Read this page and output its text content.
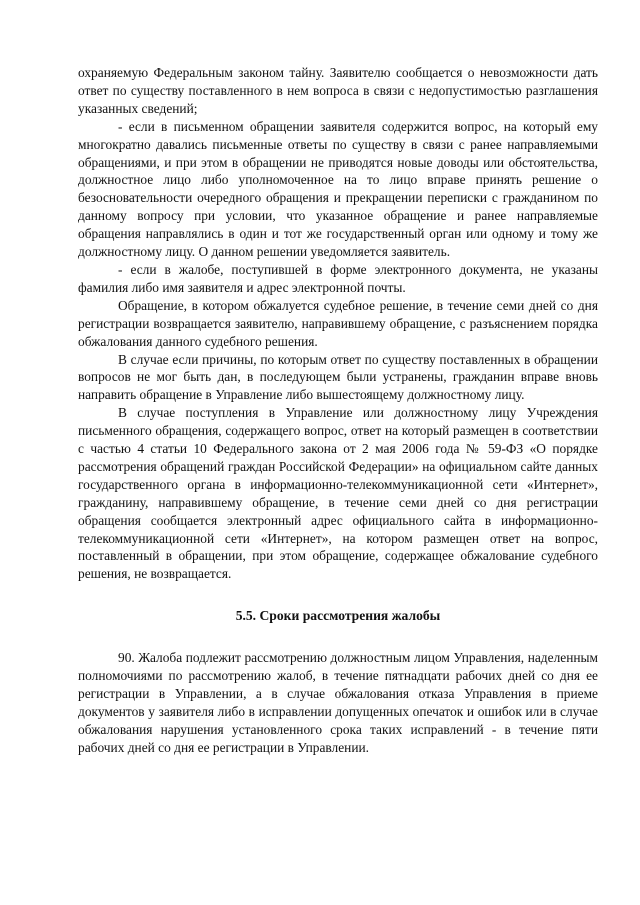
охраняемую Федеральным законом тайну. Заявителю сообщается о невозможности дать ответ по существу поставленного в нем вопроса в связи с недопустимостью разглашения указанных сведений;

- если в письменном обращении заявителя содержится вопрос, на который ему многократно давались письменные ответы по существу в связи с ранее направляемыми обращениями, и при этом в обращении не приводятся новые доводы или обстоятельства, должностное лицо либо уполномоченное на то лицо вправе принять решение о безосновательности очередного обращения и прекращении переписки с гражданином по данному вопросу при условии, что указанное обращение и ранее направляемые обращения направлялись в один и тот же государственный орган или одному и тому же должностному лицу. О данном решении уведомляется заявитель.

- если в жалобе, поступившей в форме электронного документа, не указаны фамилия либо имя заявителя и адрес электронной почты.

Обращение, в котором обжалуется судебное решение, в течение семи дней со дня регистрации возвращается заявителю, направившему обращение, с разъяснением порядка обжалования данного судебного решения.

В случае если причины, по которым ответ по существу поставленных в обращении вопросов не мог быть дан, в последующем были устранены, гражданин вправе вновь направить обращение в Управление либо вышестоящему должностному лицу.

В случае поступления в Управление или должностному лицу Учреждения письменного обращения, содержащего вопрос, ответ на который размещен в соответствии с частью 4 статьи 10 Федерального закона от 2 мая 2006 года № 59-ФЗ «О порядке рассмотрения обращений граждан Российской Федерации» на официальном сайте данных государственного органа в информационно-телекоммуникационной сети «Интернет», гражданину, направившему обращение, в течение семи дней со дня регистрации обращения сообщается электронный адрес официального сайта в информационно-телекоммуникационной сети «Интернет», на котором размещен ответ на вопрос, поставленный в обращении, при этом обращение, содержащее обжалование судебного решения, не возвращается.

5.5. Сроки рассмотрения жалобы

90. Жалоба подлежит рассмотрению должностным лицом Управления, наделенным полномочиями по рассмотрению жалоб, в течение пятнадцати рабочих дней со дня ее регистрации в Управлении, а в случае обжалования отказа Управления в приеме документов у заявителя либо в исправлении допущенных опечаток и ошибок или в случае обжалования нарушения установленного срока таких исправлений - в течение пяти рабочих дней со дня ее регистрации в Управлении.
